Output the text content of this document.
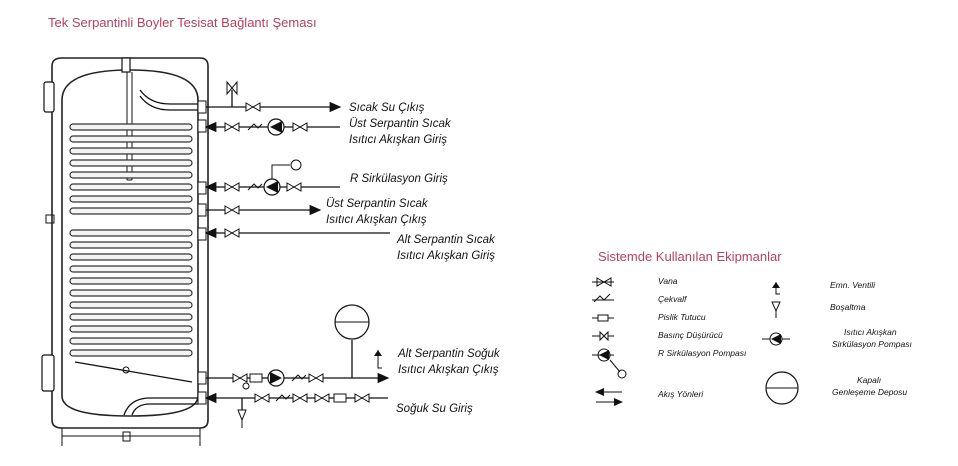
Tek Serpantinli Boyler Tesisat Bağlantı Şeması
Sıcak Su Çıkış
Üst Serpantin Sıcak
Isıtıcı Akışkan Giriş
R Sirkülasyon Giriş
Üst Serpantin Sıcak
Isıtıcı Akışkan Çıkış
Alt Serpantin Sıcak
Isıtıcı Akışkan Giriş
Alt Serpantin Soğuk
Isıtıcı Akışkan Çıkış
Soğuk Su Giriş
Sistemde Kullanılan Ekipmanlar
Vana
Çekvalf
Pislik Tutucu
Basınç Düşürücü
R Sirkülasyon Pompası
Akış Yönleri
Emn. Ventili
Boşaltma
Isıtıcı Akışkan
Sirkülasyon Pompası
Kapalı
Genleşeme Deposu
